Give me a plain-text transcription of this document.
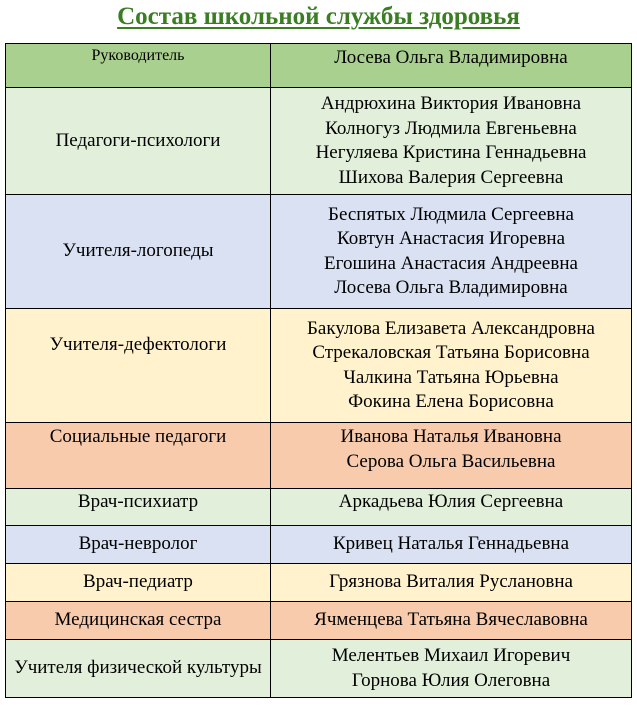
Состав школьной службы здоровья
Руководитель	Лосева Ольга Владимировна

Педагоги-психологи	Андрюхина Виктория Ивановна
Колногуз Людмила Евгеньевна
Негуляева Кристина Геннадьевна
Шихова Валерия Сергеевна

Учителя-логопеды	Беспятых Людмила Сергеевна
Ковтун Анастасия Игоревна
Егошина Анастасия Андреевна
Лосева Ольга Владимировна

Учителя-дефектологи	Бакулова Елизавета Александровна
Стрекаловская Татьяна Борисовна
Чалкина Татьяна Юрьевна
Фокина Елена Борисовна

Социальные педагоги	Иванова Наталья Ивановна
Серова Ольга Васильевна

Врач-психиатр	Аркадьева Юлия Сергеевна

Врач-невролог	Кривец Наталья Геннадьевна

Врач-педиатр	Грязнова Виталия Руслановна

Медицинская сестра	Ячменцева Татьяна Вячеславовна

Учителя физической культуры	Мелентьев Михаил Игоревич
Горнова Юлия Олеговна
